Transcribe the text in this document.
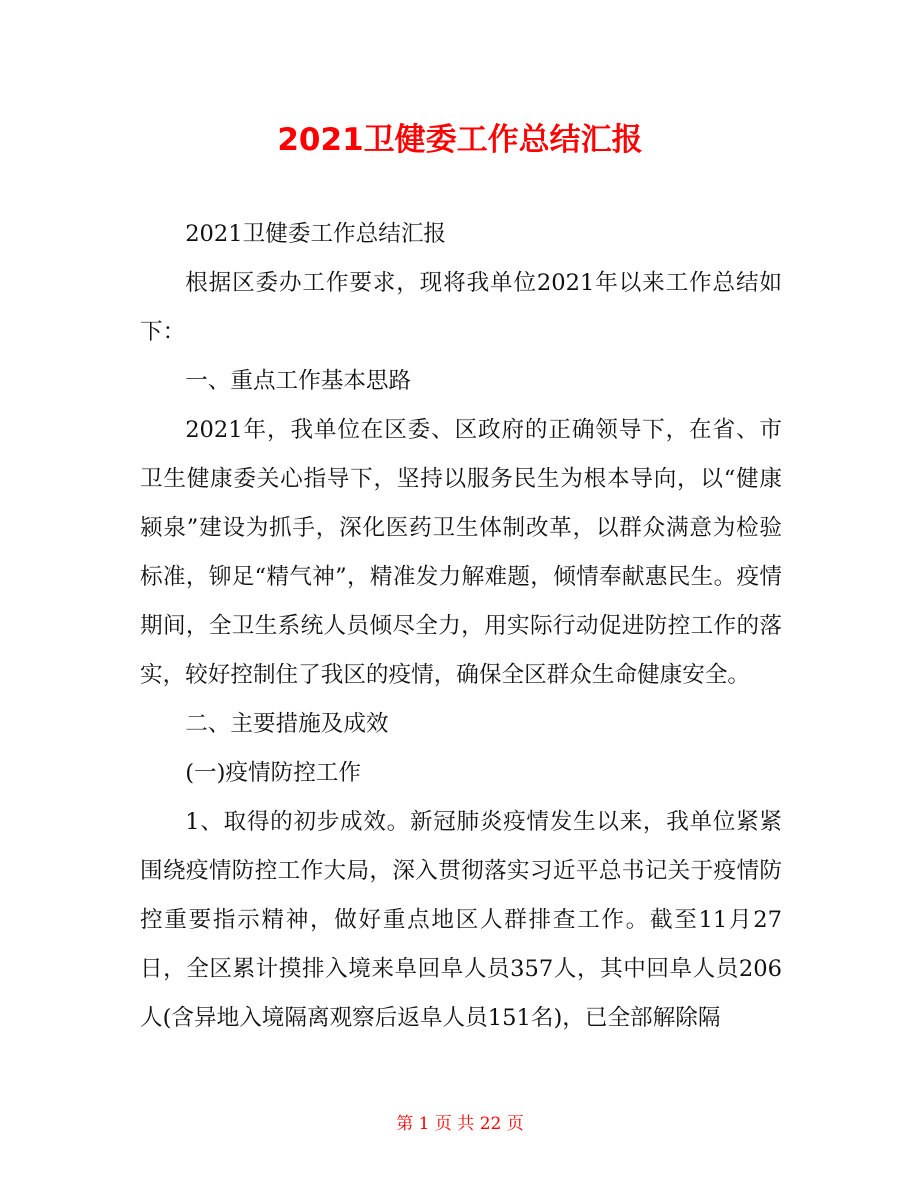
2021卫健委工作总结汇报

2021卫健委工作总结汇报

根据区委办工作要求，现将我单位2021年以来工作总结如下：

一、重点工作基本思路

2021年，我单位在区委、区政府的正确领导下，在省、市卫生健康委关心指导下，坚持以服务民生为根本导向，以“健康颍泉”建设为抓手，深化医药卫生体制改革，以群众满意为检验标准，铆足“精气神”，精准发力解难题，倾情奉献惠民生。疫情期间，全卫生系统人员倾尽全力，用实际行动促进防控工作的落实，较好控制住了我区的疫情，确保全区群众生命健康安全。

二、主要措施及成效

(一)疫情防控工作

1、取得的初步成效。新冠肺炎疫情发生以来，我单位紧紧围绕疫情防控工作大局，深入贯彻落实习近平总书记关于疫情防控重要指示精神，做好重点地区人群排查工作。截至11月27日，全区累计摸排入境来阜回阜人员357人，其中回阜人员206人(含异地入境隔离观察后返阜人员151名)，已全部解除隔

第 1 页 共 22 页
